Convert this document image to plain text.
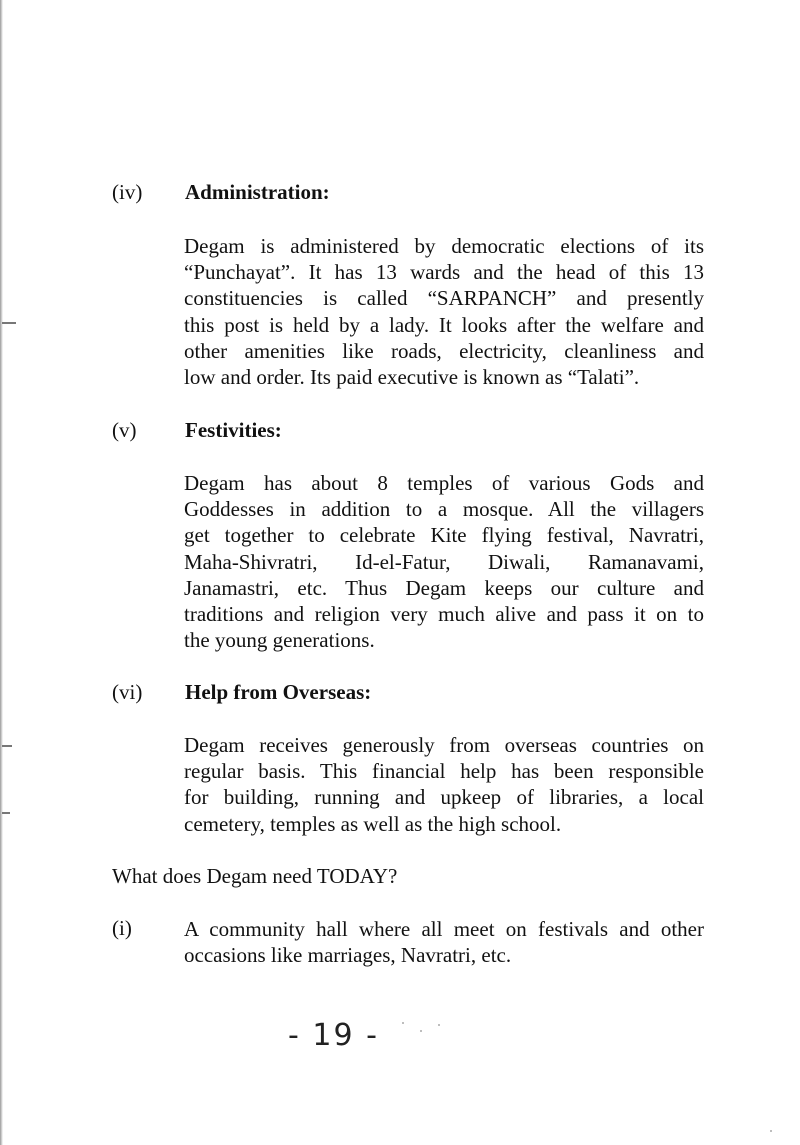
(iv) Administration:
Degam is administered by democratic elections of its
“Punchayat”. It has 13 wards and the head of this 13
constituencies is called “SARPANCH” and presently
this post is held by a lady. It looks after the welfare and
other amenities like roads, electricity, cleanliness and
low and order. Its paid executive is known as “Talati”.
(v) Festivities:
Degam has about 8 temples of various Gods and
Goddesses in addition to a mosque. All the villagers
get together to celebrate Kite flying festival, Navratri,
Maha-Shivratri, Id-el-Fatur, Diwali, Ramanavami,
Janamastri, etc. Thus Degam keeps our culture and
traditions and religion very much alive and pass it on to
the young generations.
(vi) Help from Overseas:
Degam receives generously from overseas countries on
regular basis. This financial help has been responsible
for building, running and upkeep of libraries, a local
cemetery, temples as well as the high school.
What does Degam need TODAY?
(i) A community hall where all meet on festivals and other
occasions like marriages, Navratri, etc.
- 19 -
